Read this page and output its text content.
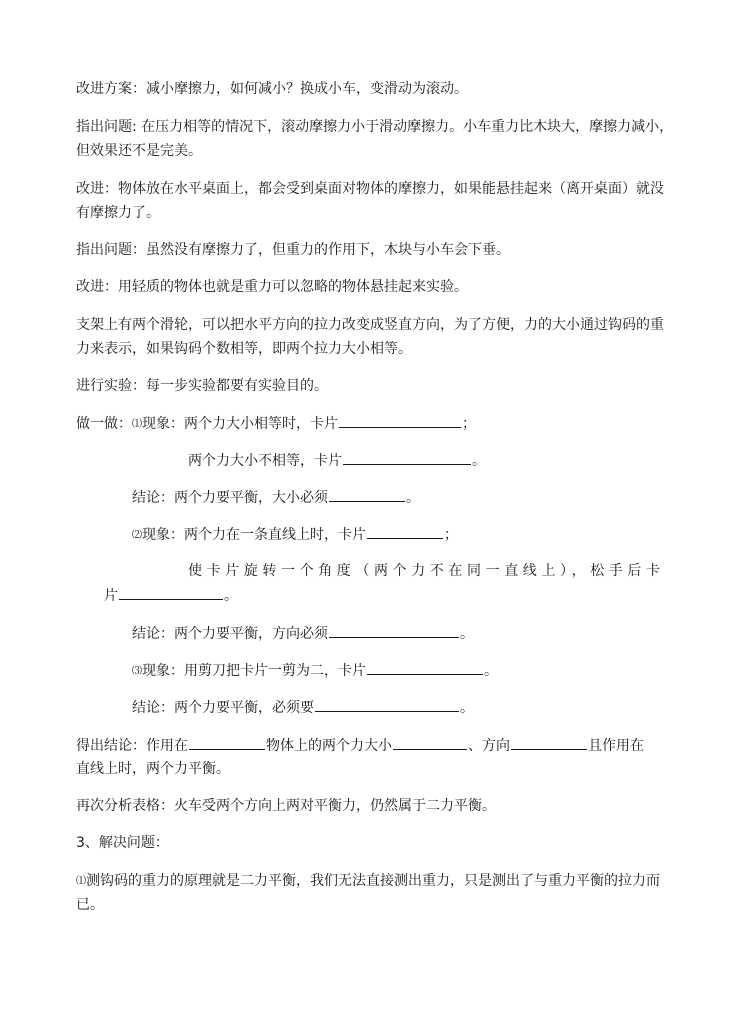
改进方案：减小摩擦力，如何减小？换成小车，变滑动为滚动。
指出问题: 在压力相等的情况下，滚动摩擦力小于滑动摩擦力。小车重力比木块大，摩擦力减小，
但效果还不是完美。
改进：物体放在水平桌面上，都会受到桌面对物体的摩擦力，如果能悬挂起来（离开桌面）就没
有摩擦力了。
指出问题：虽然没有摩擦力了，但重力的作用下，木块与小车会下垂。
改进：用轻质的物体也就是重力可以忽略的物体悬挂起来实验。
支架上有两个滑轮，可以把水平方向的拉力改变成竖直方向，为了方便，力的大小通过钩码的重
力来表示，如果钩码个数相等，即两个拉力大小相等。
进行实验：每一步实验都要有实验目的。
做一做：⑴现象：两个力大小相等时，卡片	；
两个力大小不相等，卡片	。
结论：两个力要平衡，大小必须	。
⑵现象：两个力在一条直线上时，卡片	；
使卡片旋转一个角度（两个力不在同一直线上），松手后卡
片	。
结论：两个力要平衡，方向必须	。
⑶现象：用剪刀把卡片一剪为二，卡片	。
结论：两个力要平衡，必须要	。
得出结论：作用在	物体上的两个力大小	、方向	且作用在
直线上时，两个力平衡。
再次分析表格：火车受两个方向上两对平衡力，仍然属于二力平衡。
3、解决问题：
⑴测钩码的重力的原理就是二力平衡，我们无法直接测出重力，只是测出了与重力平衡的拉力而
已。
